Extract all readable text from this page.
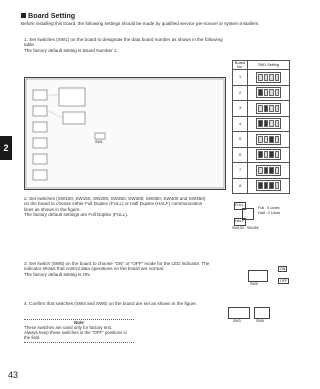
2
Board Setting
Before installing this board, the following settings should be made by qualified service per-sonnel or system installers.
1. Set switches (SW1) on the board to designate the data board number as shown in the following table.
The factory default setting is Board Number 1.
SW1
Board No.	SW1 Setting
1	

2	

3	

4	

5	

6	

7	

8	
2. Set switches (SW100, SW150, SW200, SW250, SW300, SW350, SW400 and SW450) on the board to choose either Full Duplex (FULL) or Half Duplex (HALF) communication lines as shown in the figure.
The factory default settings are Full Duplex (FULL).
FULL
HALF
Full : 4 Lines
Half : 2 Lines
SW100 - SW450
3. Set switch (SW5) on the board to choose "ON" or "OFF" mode for the LED indicator. The indicator shows that control data operations on the board are normal.
The factory default setting is ON.
SW5
ON
OFF
4. Confirm that switches (SW3 and SW6) on the board are set as shown in the figure.
SW3	SW6
Note
These switches are used only for factory test.
Always keep these switches in the "OFF" positions in the field.
43
